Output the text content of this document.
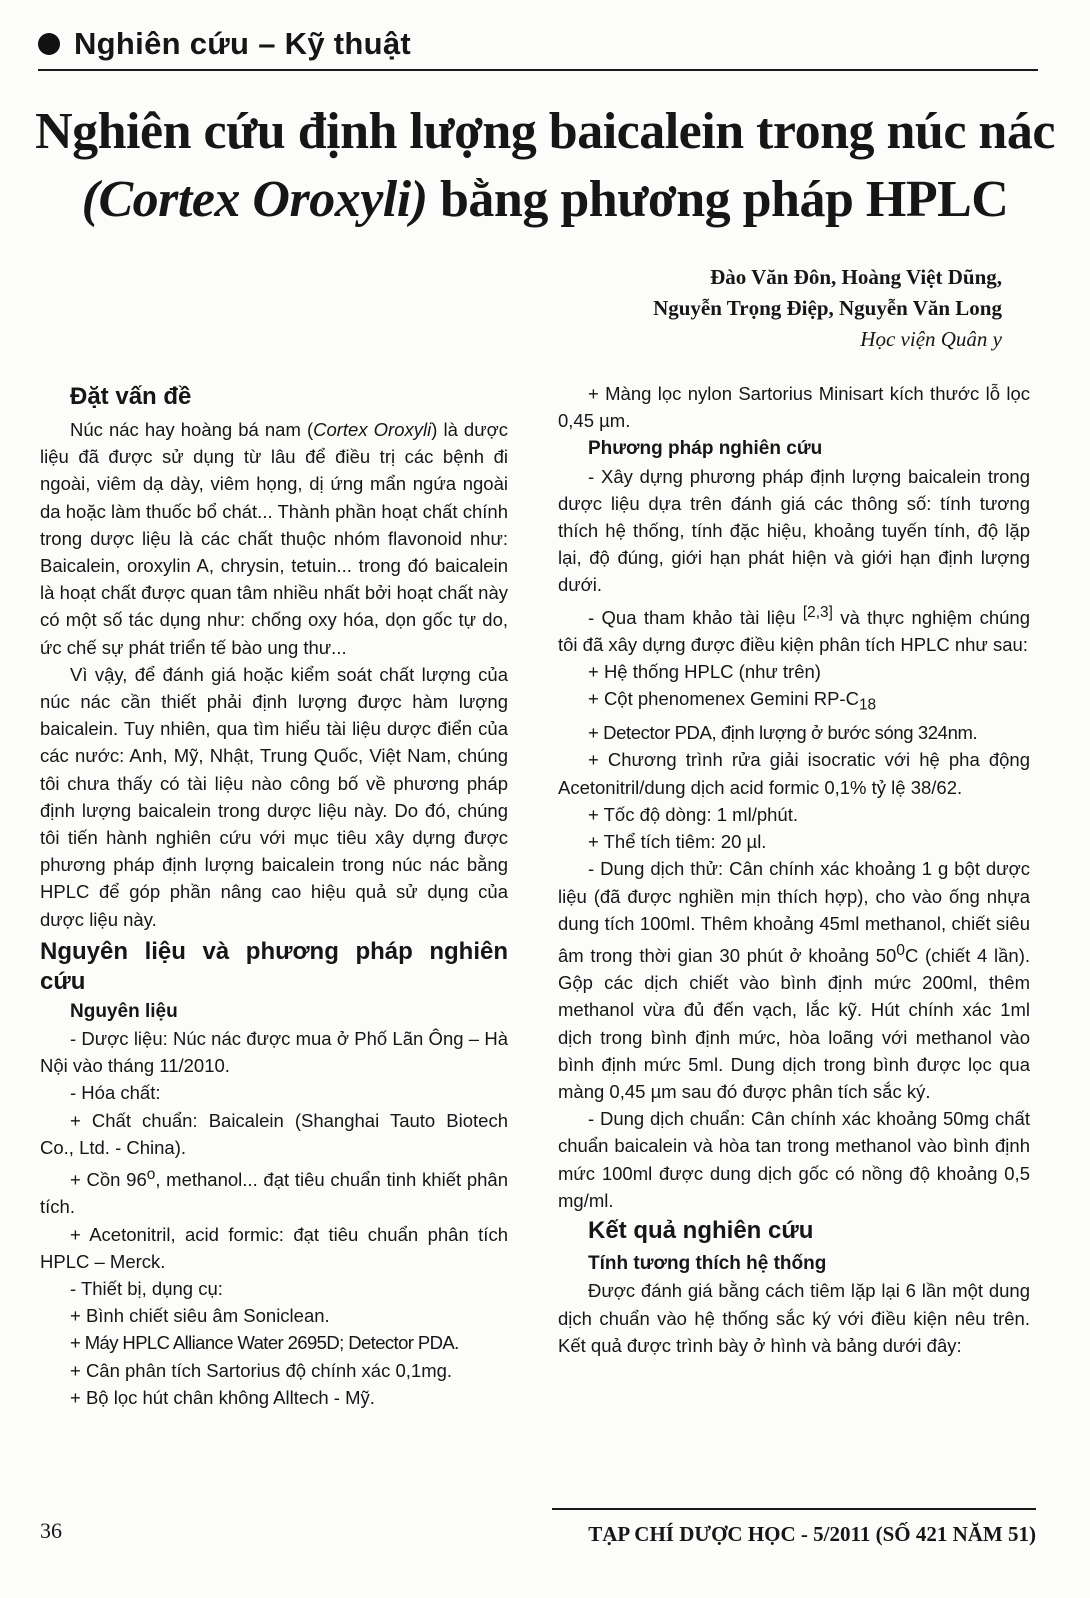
Nghiên cứu – Kỹ thuật
Nghiên cứu định lượng baicalein trong núc nác
(Cortex Oroxyli) bằng phương pháp HPLC
Đào Văn Đôn, Hoàng Việt Dũng,
Nguyễn Trọng Điệp, Nguyễn Văn Long
Học viện Quân y
Đặt vấn đề

Núc nác hay hoàng bá nam (Cortex Oroxyli) là dược liệu đã được sử dụng từ lâu để điều trị các bệnh đi ngoài, viêm dạ dày, viêm họng, dị ứng mẩn ngứa ngoài da hoặc làm thuốc bổ chát... Thành phần hoạt chất chính trong dược liệu là các chất thuộc nhóm flavonoid như: Baicalein, oroxylin A, chrysin, tetuin... trong đó baicalein là hoạt chất được quan tâm nhiều nhất bởi hoạt chất này có một số tác dụng như: chống oxy hóa, dọn gốc tự do, ức chế sự phát triển tế bào ung thư...

Vì vậy, để đánh giá hoặc kiểm soát chất lượng của núc nác cần thiết phải định lượng được hàm lượng baicalein. Tuy nhiên, qua tìm hiểu tài liệu dược điển của các nước: Anh, Mỹ, Nhật, Trung Quốc, Việt Nam, chúng tôi chưa thấy có tài liệu nào công bố về phương pháp định lượng baicalein trong dược liệu này. Do đó, chúng tôi tiến hành nghiên cứu với mục tiêu xây dựng được phương pháp định lượng baicalein trong núc nác bằng HPLC để góp phần nâng cao hiệu quả sử dụng của dược liệu này.

Nguyên liệu và phương pháp nghiên cứu
Nguyên liệu

- Dược liệu: Núc nác được mua ở Phố Lãn Ông – Hà Nội vào tháng 11/2010.

- Hóa chất:

+ Chất chuẩn: Baicalein (Shanghai Tauto Biotech Co., Ltd. - China).

+ Cồn 96$^o$, methanol... đạt tiêu chuẩn tinh khiết phân tích.

+ Acetonitril, acid formic: đạt tiêu chuẩn phân tích HPLC – Merck.

- Thiết bị, dụng cụ:

+ Bình chiết siêu âm Soniclean.

+ Máy HPLC Alliance Water 2695D; Detector PDA.

+ Cân phân tích Sartorius độ chính xác 0,1mg.

+ Bộ lọc hút chân không Alltech - Mỹ.

+ Màng lọc nylon Sartorius Minisart kích thước lỗ lọc 0,45 µm.

Phương pháp nghiên cứu

- Xây dựng phương pháp định lượng baicalein trong dược liệu dựa trên đánh giá các thông số: tính tương thích hệ thống, tính đặc hiệu, khoảng tuyến tính, độ lặp lại, độ đúng, giới hạn phát hiện và giới hạn định lượng dưới.

- Qua tham khảo tài liệu [2,3] và thực nghiệm chúng tôi đã xây dựng được điều kiện phân tích HPLC như sau:

+ Hệ thống HPLC (như trên)

+ Cột phenomenex Gemini $RP-C_{18}$

+ Detector PDA, định lượng ở bước sóng 324nm.

+ Chương trình rửa giải isocratic với hệ pha động Acetonitril/dung dịch acid formic 0,1% tỷ lệ 38/62.

+ Tốc độ dòng: 1 ml/phút.

+ Thể tích tiêm: 20 µl.

- Dung dịch thử: Cân chính xác khoảng 1 g bột dược liệu (đã được nghiền mịn thích hợp), cho vào ống nhựa dung tích 100ml. Thêm khoảng 45ml methanol, chiết siêu âm trong thời gian 30 phút ở khoảng $50^0C$ (chiết 4 lần). Gộp các dịch chiết vào bình định mức 200ml, thêm methanol vừa đủ đến vạch, lắc kỹ. Hút chính xác 1ml dịch trong bình định mức, hòa loãng với methanol vào bình định mức 5ml. Dung dịch trong bình được lọc qua màng 0,45 µm sau đó được phân tích sắc ký.

- Dung dịch chuẩn: Cân chính xác khoảng 50mg chất chuẩn baicalein và hòa tan trong methanol vào bình định mức 100ml được dung dịch gốc có nồng độ khoảng 0,5 mg/ml.

Kết quả nghiên cứu
Tính tương thích hệ thống

Được đánh giá bằng cách tiêm lặp lại 6 lần một dung dịch chuẩn vào hệ thống sắc ký với điều kiện nêu trên. Kết quả được trình bày ở hình và bảng dưới đây:

36	TẠP CHÍ DƯỢC HỌC - 5/2011 (SỐ 421 NĂM 51)
